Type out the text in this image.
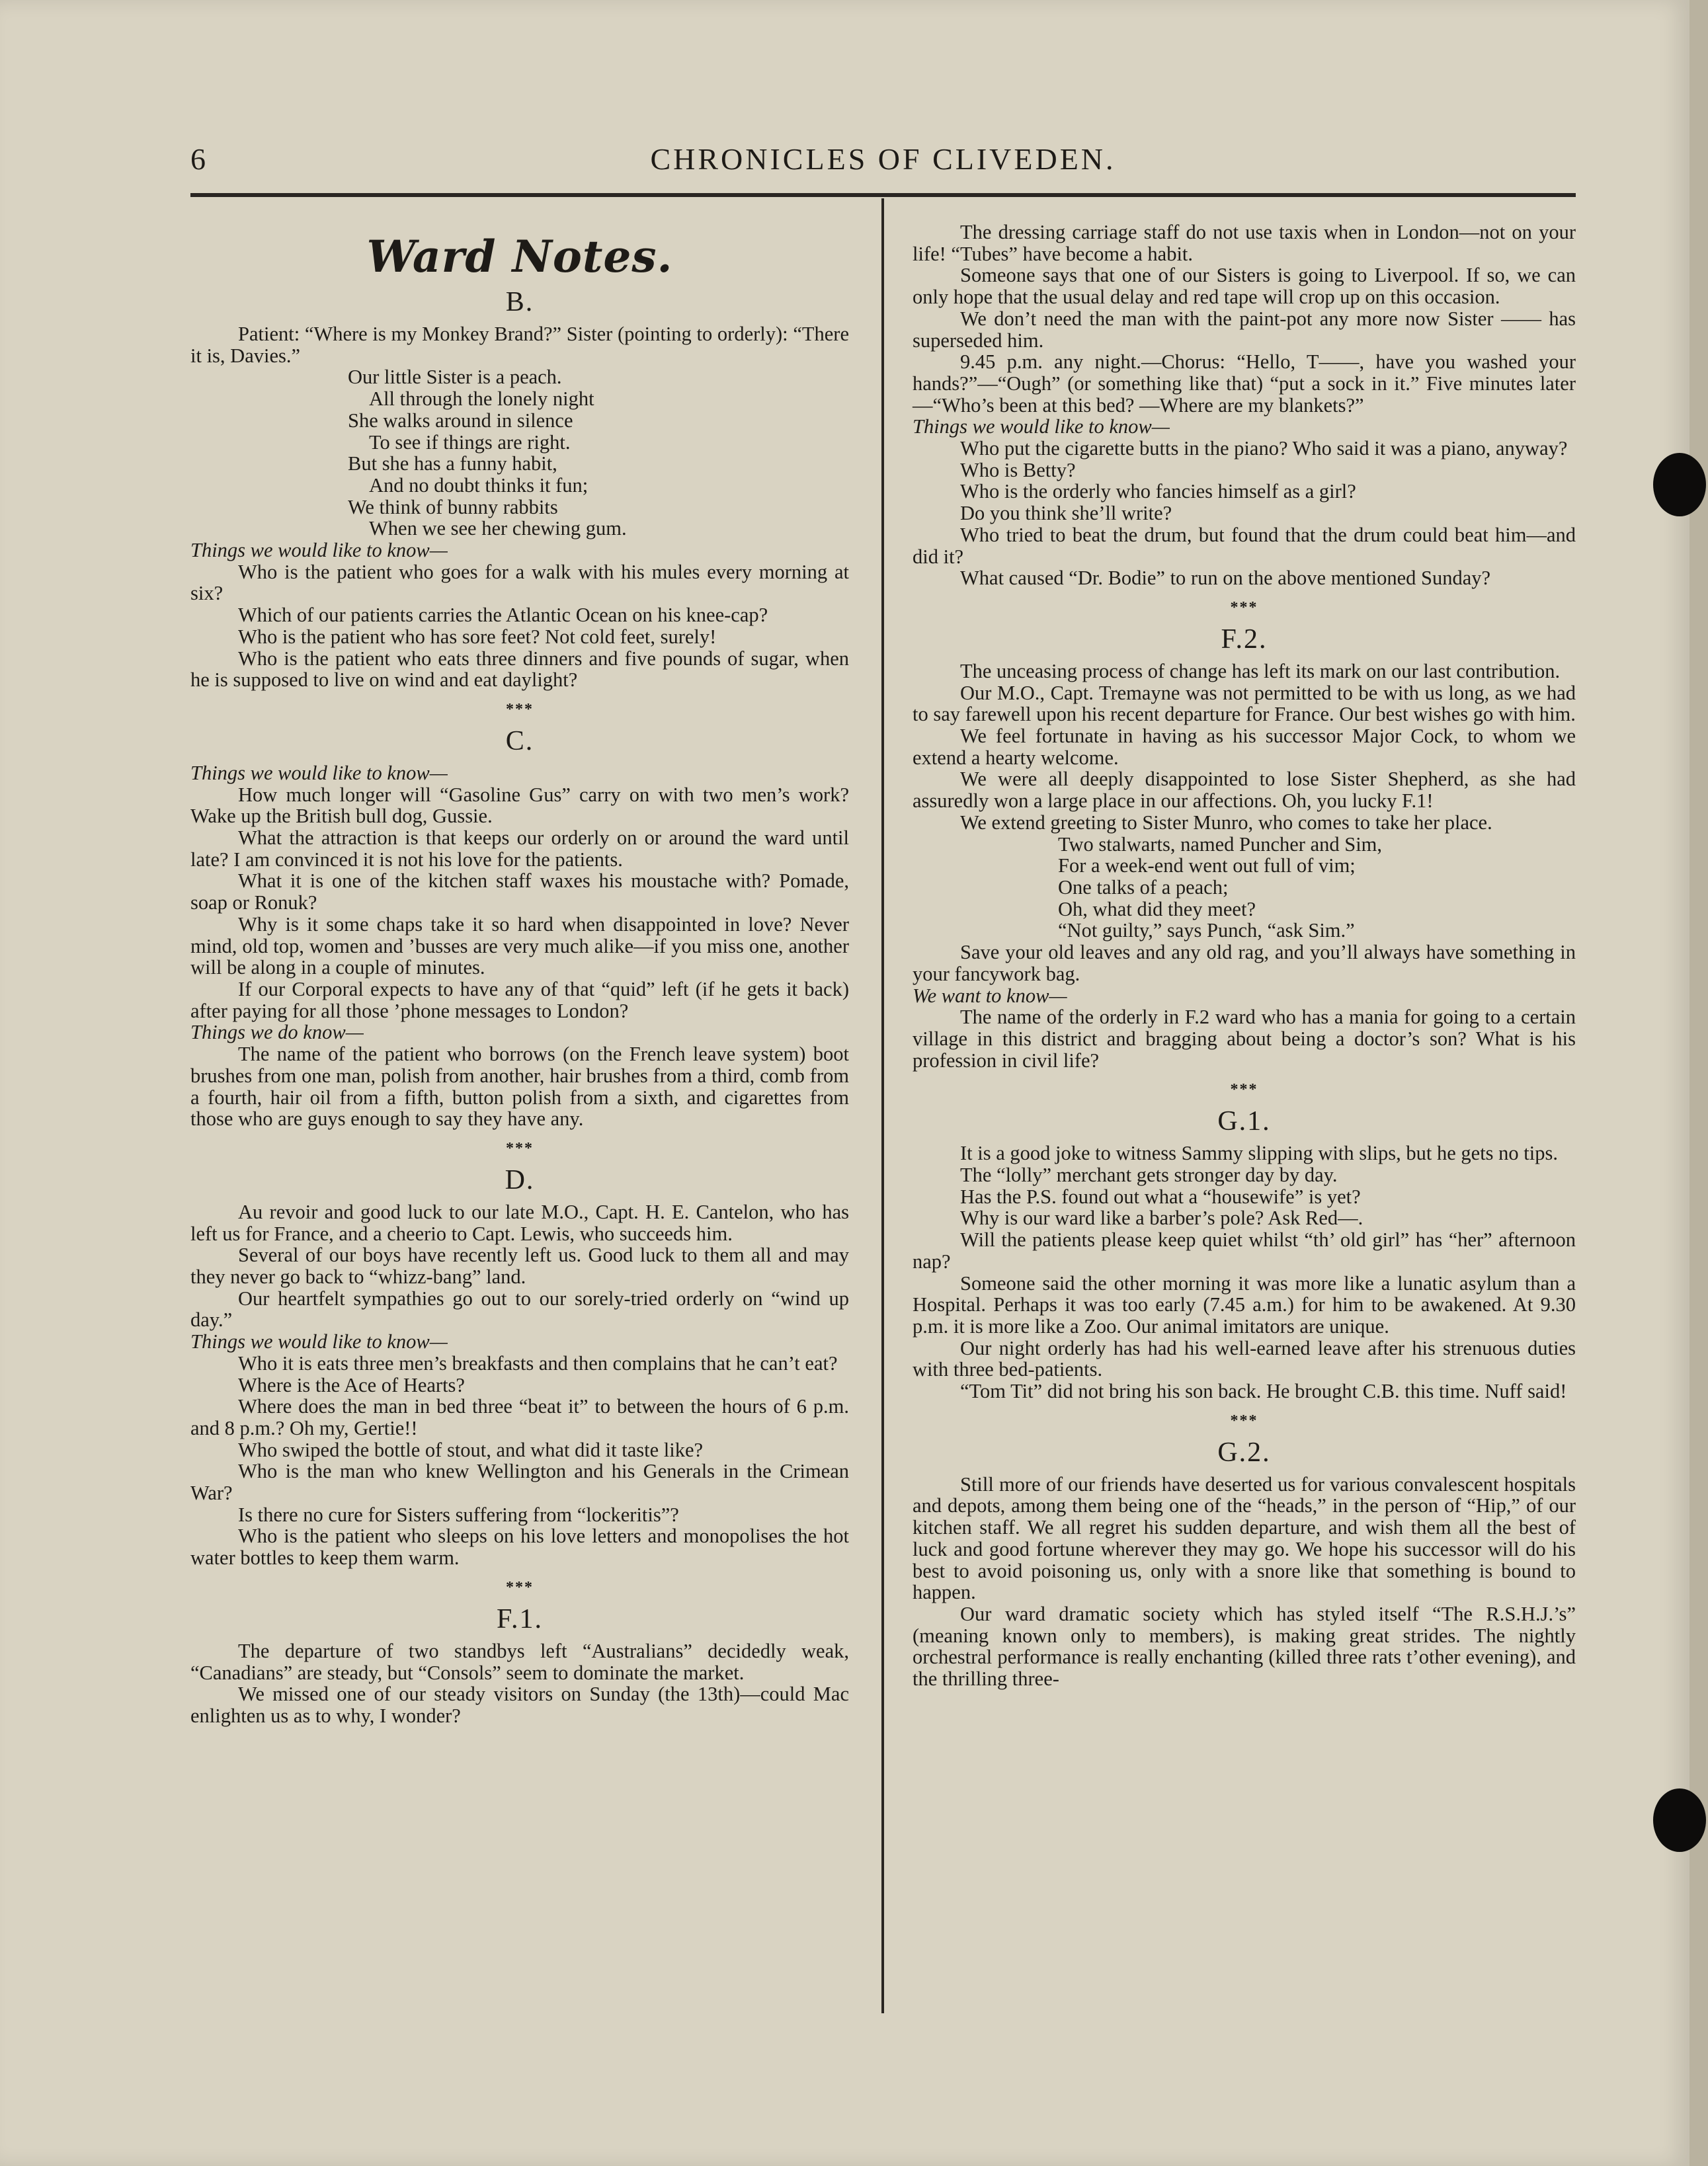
6	CHRONICLES OF CLIVEDEN.
Ward Notes.
B.

Patient: “Where is my Monkey Brand?” Sister (pointing to orderly): “There it is, Davies.”

Our little Sister is a peach.

All through the lonely night

She walks around in silence

To see if things are right.

But she has a funny habit,

And no doubt thinks it fun;

We think of bunny rabbits

When we see her chewing gum.

Things we would like to know—

Who is the patient who goes for a walk with his mules every morning at six?

Which of our patients carries the Atlantic Ocean on his knee-cap?

Who is the patient who has sore feet? Not cold feet, surely!

Who is the patient who eats three dinners and five pounds of sugar, when he is supposed to live on wind and eat daylight?

***
C.

Things we would like to know—

How much longer will “Gasoline Gus” carry on with two men’s work? Wake up the British bull dog, Gussie.

What the attraction is that keeps our orderly on or around the ward until late? I am convinced it is not his love for the patients.

What it is one of the kitchen staff waxes his moustache with? Pomade, soap or Ronuk?

Why is it some chaps take it so hard when disappointed in love? Never mind, old top, women and ’busses are very much alike—if you miss one, another will be along in a couple of minutes.

If our Corporal expects to have any of that “quid” left (if he gets it back) after paying for all those ’phone messages to London?

Things we do know—

The name of the patient who borrows (on the French leave system) boot brushes from one man, polish from another, hair brushes from a third, comb from a fourth, hair oil from a fifth, button polish from a sixth, and cigarettes from those who are guys enough to say they have any.

***
D.

Au revoir and good luck to our late M.O., Capt. H. E. Cantelon, who has left us for France, and a cheerio to Capt. Lewis, who succeeds him.

Several of our boys have recently left us. Good luck to them all and may they never go back to “whizz-bang” land.

Our heartfelt sympathies go out to our sorely-tried orderly on “wind up day.”

Things we would like to know—

Who it is eats three men’s breakfasts and then complains that he can’t eat?

Where is the Ace of Hearts?

Where does the man in bed three “beat it” to between the hours of 6 p.m. and 8 p.m.? Oh my, Gertie!!

Who swiped the bottle of stout, and what did it taste like?

Who is the man who knew Wellington and his Generals in the Crimean War?

Is there no cure for Sisters suffering from “lockeritis”?

Who is the patient who sleeps on his love letters and monopolises the hot water bottles to keep them warm.

***
F.1.

The departure of two standbys left “Australians” decidedly weak, “Canadians” are steady, but “Consols” seem to dominate the market.

We missed one of our steady visitors on Sunday (the 13th)—could Mac enlighten us as to why, I wonder?

The dressing carriage staff do not use taxis when in London—not on your life! “Tubes” have become a habit.

Someone says that one of our Sisters is going to Liverpool. If so, we can only hope that the usual delay and red tape will crop up on this occasion.

We don’t need the man with the paint-pot any more now Sister —— has superseded him.

9.45 p.m. any night.—Chorus: “Hello, T——, have you washed your hands?”—“Ough” (or something like that) “put a sock in it.” Five minutes later—“Who’s been at this bed? —Where are my blankets?”

Things we would like to know—

Who put the cigarette butts in the piano? Who said it was a piano, anyway?

Who is Betty?

Who is the orderly who fancies himself as a girl?

Do you think she’ll write?

Who tried to beat the drum, but found that the drum could beat him—and did it?

What caused “Dr. Bodie” to run on the above mentioned Sunday?

***
F.2.

The unceasing process of change has left its mark on our last contribution.

Our M.O., Capt. Tremayne was not permitted to be with us long, as we had to say farewell upon his recent departure for France. Our best wishes go with him.

We feel fortunate in having as his successor Major Cock, to whom we extend a hearty welcome.

We were all deeply disappointed to lose Sister Shepherd, as she had assuredly won a large place in our affections. Oh, you lucky F.1!

We extend greeting to Sister Munro, who comes to take her place.

Two stalwarts, named Puncher and Sim,

For a week-end went out full of vim;

One talks of a peach;

Oh, what did they meet?

“Not guilty,” says Punch, “ask Sim.”

Save your old leaves and any old rag, and you’ll always have something in your fancywork bag.

We want to know—

The name of the orderly in F.2 ward who has a mania for going to a certain village in this district and bragging about being a doctor’s son? What is his profession in civil life?

***
G.1.

It is a good joke to witness Sammy slipping with slips, but he gets no tips.

The “lolly” merchant gets stronger day by day.

Has the P.S. found out what a “housewife” is yet?

Why is our ward like a barber’s pole? Ask Red—.

Will the patients please keep quiet whilst “th’ old girl” has “her” afternoon nap?

Someone said the other morning it was more like a lunatic asylum than a Hospital. Perhaps it was too early (7.45 a.m.) for him to be awakened. At 9.30 p.m. it is more like a Zoo. Our animal imitators are unique.

Our night orderly has had his well-earned leave after his strenuous duties with three bed-patients.

“Tom Tit” did not bring his son back. He brought C.B. this time. Nuff said!

***
G.2.

Still more of our friends have deserted us for various convalescent hospitals and depots, among them being one of the “heads,” in the person of “Hip,” of our kitchen staff. We all regret his sudden departure, and wish them all the best of luck and good fortune wherever they may go. We hope his successor will do his best to avoid poisoning us, only with a snore like that something is bound to happen.

Our ward dramatic society which has styled itself “The R.S.H.J.’s” (meaning known only to members), is making great strides. The nightly orchestral performance is really enchanting (killed three rats t’other evening), and the thrilling three-
